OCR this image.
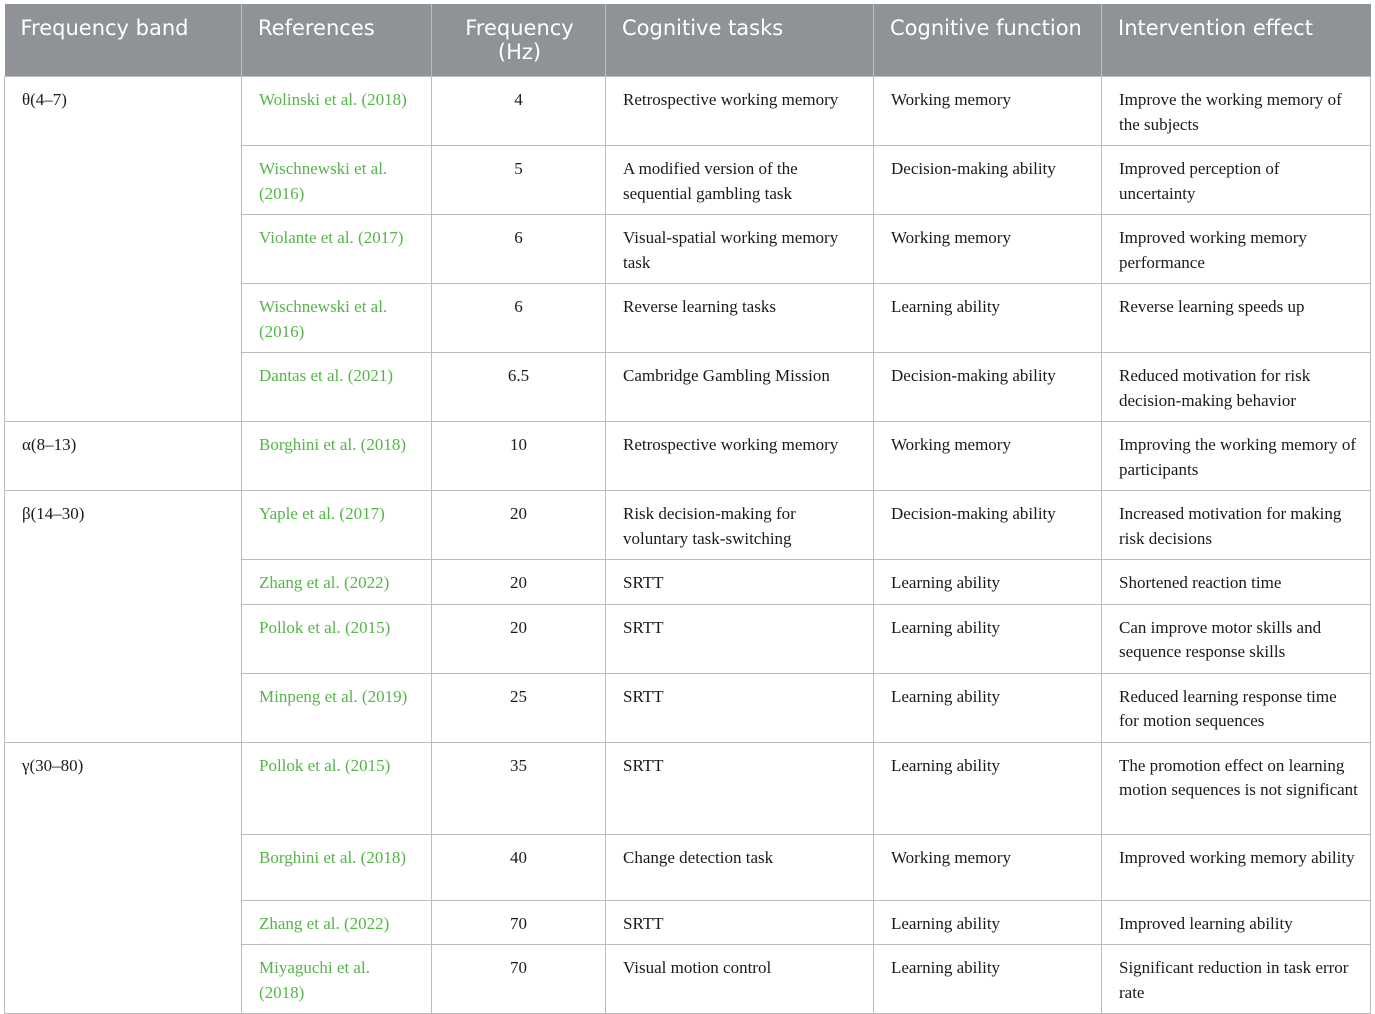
Frequency band	References	Frequency (Hz)	Cognitive tasks	Cognitive function	Intervention effect
θ(4–7)	Wolinski et al. (2018)	4	Retrospective working memory	Working memory	Improve the working memory of the subjects
	Wischnewski et al. (2016)	5	A modified version of the sequential gambling task	Decision-making ability	Improved perception of uncertainty
	Violante et al. (2017)	6	Visual-spatial working memory task	Working memory	Improved working memory performance
	Wischnewski et al. (2016)	6	Reverse learning tasks	Learning ability	Reverse learning speeds up
	Dantas et al. (2021)	6.5	Cambridge Gambling Mission	Decision-making ability	Reduced motivation for risk decision-making behavior
α(8–13)	Borghini et al. (2018)	10	Retrospective working memory	Working memory	Improving the working memory of participants
β(14–30)	Yaple et al. (2017)	20	Risk decision-making for voluntary task-switching	Decision-making ability	Increased motivation for making risk decisions
	Zhang et al. (2022)	20	SRTT	Learning ability	Shortened reaction time
	Pollok et al. (2015)	20	SRTT	Learning ability	Can improve motor skills and sequence response skills
	Minpeng et al. (2019)	25	SRTT	Learning ability	Reduced learning response time for motion sequences
γ(30–80)	Pollok et al. (2015)	35	SRTT	Learning ability	The promotion effect on learning motion sequences is not significant
	Borghini et al. (2018)	40	Change detection task	Working memory	Improved working memory ability
	Zhang et al. (2022)	70	SRTT	Learning ability	Improved learning ability
	Miyaguchi et al. (2018)	70	Visual motion control	Learning ability	Significant reduction in task error rate
